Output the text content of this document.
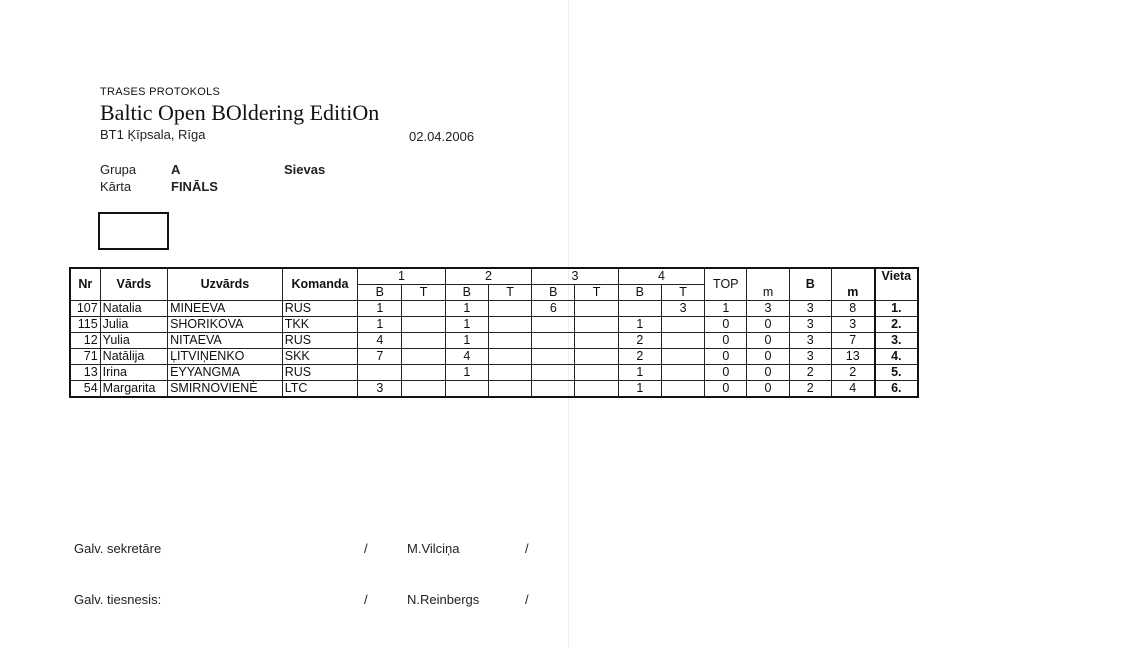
TRASES PROTOKOLS
Baltic Open BOldering EditiOn
BT1 Ķīpsala, Rīga	02.04.2006
Grupa	A	Sievas
Kārta	FINĀLS
Nr	Vārds	Uzvārds	Komanda	1		2		3		4		TOP	m	B	m	Vieta
				B	T	B	T	B	T	B	T					
107	Natalia	MINEEVA	RUS	1		1		6			3	1	3	3	8	1.
115	Julia	SHORIKOVA	TKK	1		1				1		0	0	3	3	2.
12	Yulia	NITAEVA	RUS	4		1				2		0	0	3	7	3.
71	Natālija	ĻITVIŅENKO	SKK	7		4				2		0	0	3	13	4.
13	Irina	EYYANGMA	RUS			1				1		0	0	2	2	5.
54	Margarita	SMIRNOVIENĖ	LTC	3						1		0	0	2	4	6.
Galv. sekretāre	/	M.Vilciņa	/
Galv. tiesnesis:	/	N.Reinbergs	/
